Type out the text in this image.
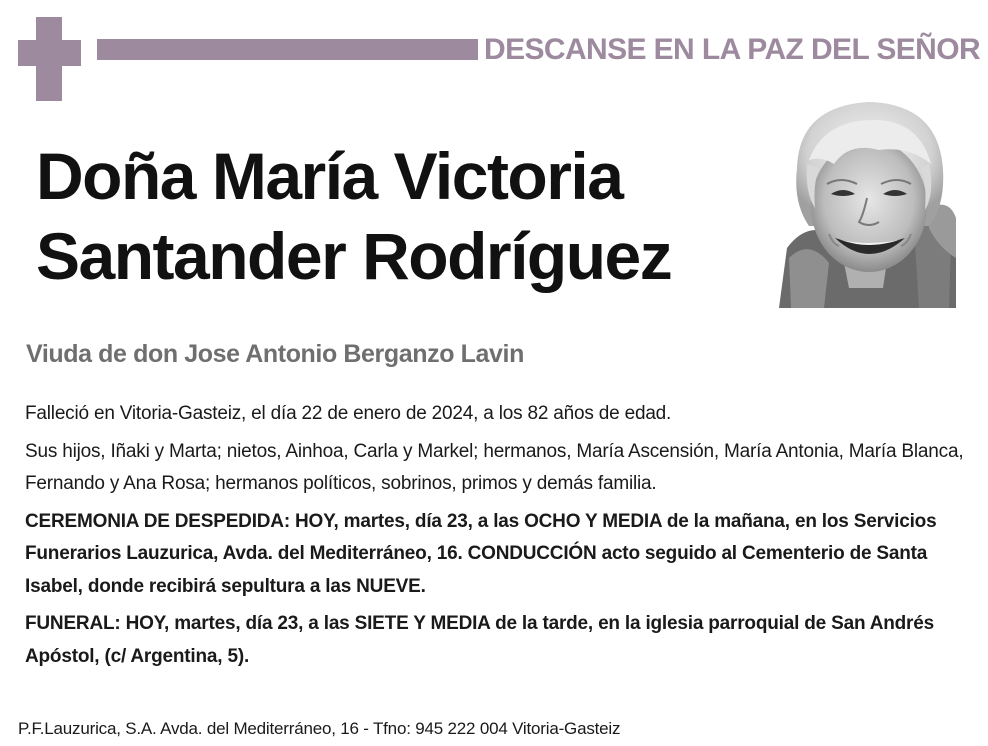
DESCANSE EN LA PAZ DEL SEÑOR
Doña María Victoria
Santander Rodríguez
Viuda de don Jose Antonio Berganzo Lavin

Falleció en Vitoria-Gasteiz, el día 22 de enero de 2024, a los 82 años de edad.

Sus hijos, Iñaki y Marta; nietos, Ainhoa, Carla y Markel; hermanos, María Ascensión, María Antonia, María Blanca, Fernando y Ana Rosa; hermanos políticos, sobrinos, primos y demás familia.

CEREMONIA DE DESPEDIDA: HOY, martes, día 23, a las OCHO Y MEDIA de la mañana, en los Servicios Funerarios Lauzurica, Avda. del Mediterráneo, 16. CONDUCCIÓN acto seguido al Cementerio de Santa Isabel, donde recibirá sepultura a las NUEVE.

FUNERAL: HOY, martes, día 23, a las SIETE Y MEDIA de la tarde, en la iglesia parroquial de San Andrés Apóstol, (c/ Argentina, 5).

P.F.Lauzurica, S.A. Avda. del Mediterráneo, 16 - Tfno: 945 222 004 Vitoria-Gasteiz
